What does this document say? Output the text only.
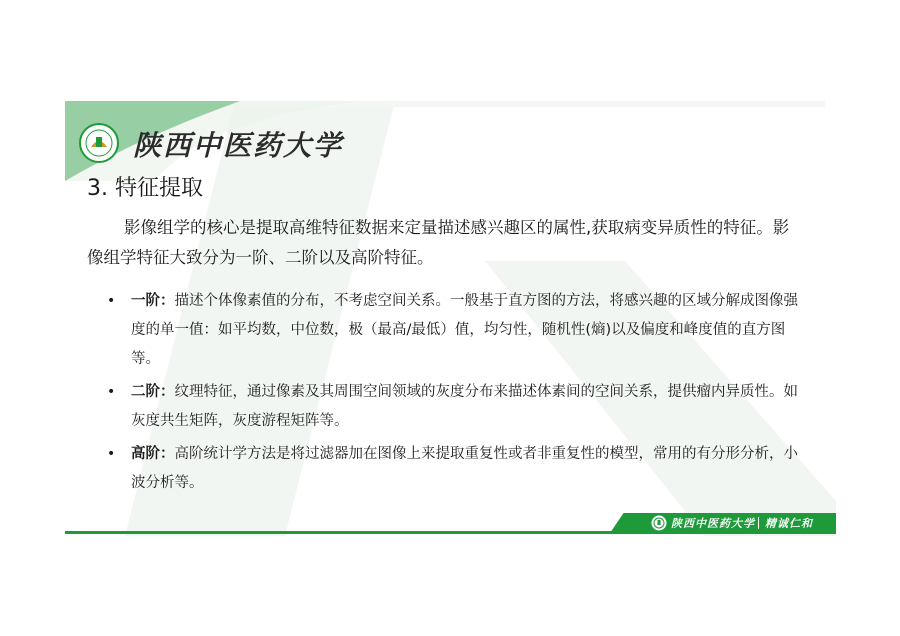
陕西中医药大学
3. 特征提取
影像组学的核心是提取高维特征数据来定量描述感兴趣区的属性,获取病变异质性的特征。影像组学特征大致分为一阶、二阶以及高阶特征。
• 一阶：描述个体像素值的分布，不考虑空间关系。一般基于直方图的方法，将感兴趣的区域分解成图像强度的单一值：如平均数，中位数，极（最高/最低）值，均匀性，随机性(熵)以及偏度和峰度值的直方图等。
• 二阶：纹理特征，通过像素及其周围空间领域的灰度分布来描述体素间的空间关系，提供瘤内异质性。如灰度共生矩阵，灰度游程矩阵等。
• 高阶：高阶统计学方法是将过滤器加在图像上来提取重复性或者非重复性的模型，常用的有分形分析，小波分析等。
陕西中医药大学 精诚仁和
